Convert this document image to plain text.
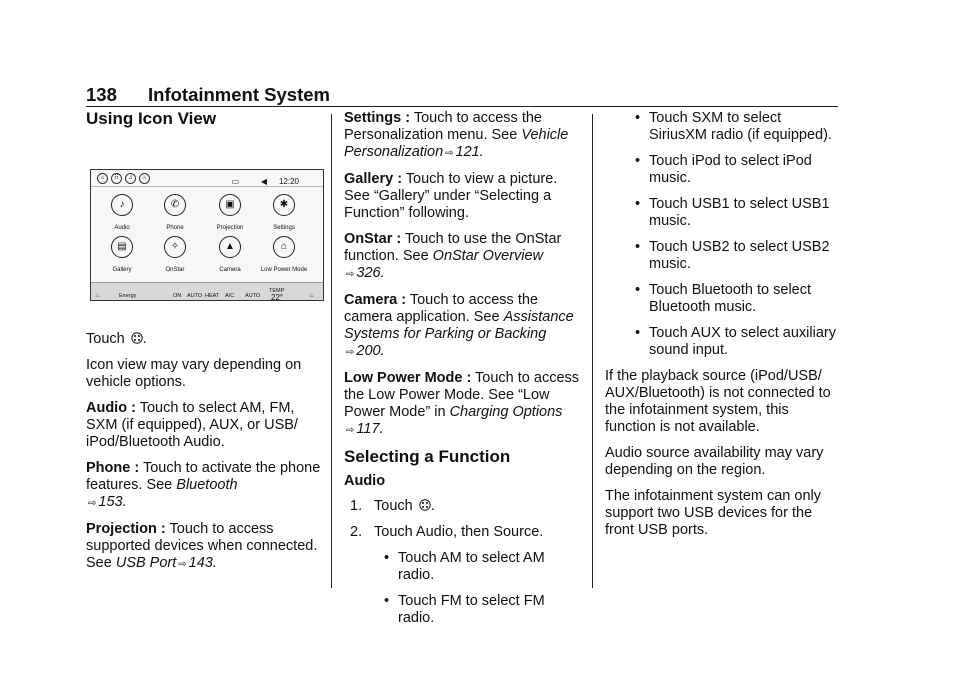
138 Infotainment System
Using Icon View
⌂	⠿	♫	♨	▭	◀ 12:20
♪
Audio
✆
Phone
▣
Projection
✱
Settings
▤
Gallery
✧
OnStar
▲
Camera
⌂
Low Power Mode
♨	Energy	ON AUTO HEAT A/C AUTO
TEMP
22°	♨

Touch .

Icon view may vary depending on vehicle options.

Audio : Touch to select AM, FM, SXM (if equipped), AUX, or USB/ iPod/Bluetooth Audio.

Phone : Touch to activate the phone features. See Bluetooth
⇨ 153.

Projection : Touch to access supported devices when connected. See USB Port ⇨ 143.

Settings : Touch to access the Personalization menu. See Vehicle Personalization ⇨ 121.

Gallery : Touch to view a picture. See “Gallery” under “Selecting a Function” following.

OnStar : Touch to use the OnStar function. See OnStar Overview
⇨ 326.

Camera : Touch to access the camera application. See Assistance Systems for Parking or Backing
⇨ 200.

Low Power Mode : Touch to access the Low Power Mode. See “Low Power Mode” in Charging Options
⇨ 117.

Selecting a Function
Audio
1. Touch .
2. Touch Audio, then Source.
• Touch AM to select AM radio.
• Touch FM to select FM radio.
• Touch SXM to select SiriusXM radio (if equipped).
• Touch iPod to select iPod music.
• Touch USB1 to select USB1 music.
• Touch USB2 to select USB2 music.
• Touch Bluetooth to select Bluetooth music.
• Touch AUX to select auxiliary sound input.

If the playback source (iPod/USB/ AUX/Bluetooth) is not connected to the infotainment system, this function is not available.

Audio source availability may vary depending on the region.

The infotainment system can only support two USB devices for the front USB ports.
